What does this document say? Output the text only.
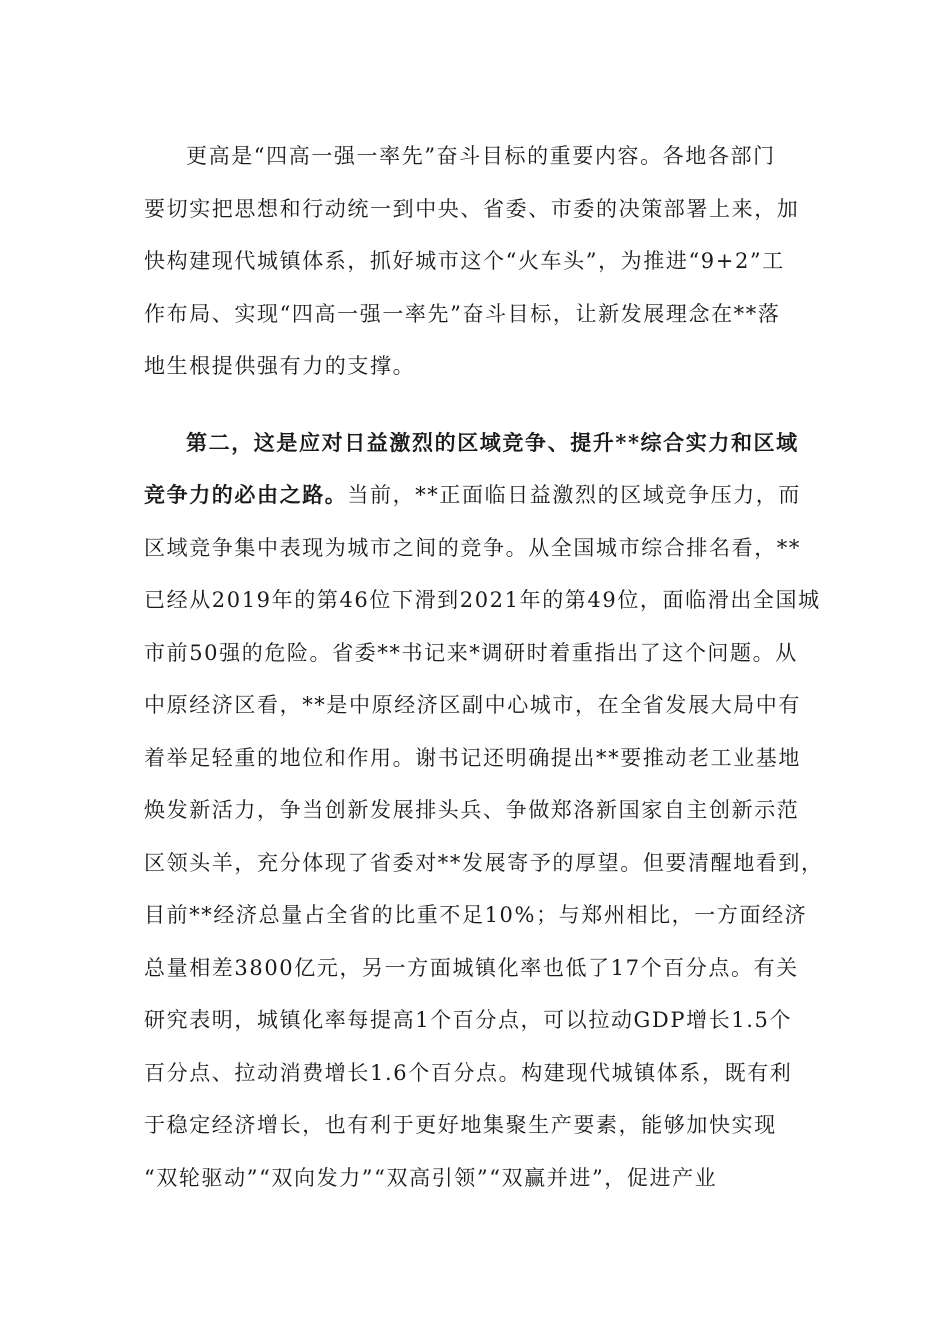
更高是“四高一强一率先”奋斗目标的重要内容。各地各部门
要切实把思想和行动统一到中央、省委、市委的决策部署上来，加
快构建现代城镇体系，抓好城市这个“火车头”，为推进“9+2”工
作布局、实现“四高一强一率先”奋斗目标，让新发展理念在**落
地生根提供强有力的支撑。
第二，这是应对日益激烈的区域竞争、提升**综合实力和区域
竞争力的必由之路。当前，**正面临日益激烈的区域竞争压力，而
区域竞争集中表现为城市之间的竞争。从全国城市综合排名看，**
已经从2019年的第46位下滑到2021年的第49位，面临滑出全国城
市前50强的危险。省委**书记来*调研时着重指出了这个问题。从
中原经济区看，**是中原经济区副中心城市，在全省发展大局中有
着举足轻重的地位和作用。谢书记还明确提出**要推动老工业基地
焕发新活力，争当创新发展排头兵、争做郑洛新国家自主创新示范
区领头羊，充分体现了省委对**发展寄予的厚望。但要清醒地看到，
目前**经济总量占全省的比重不足10%；与郑州相比，一方面经济
总量相差3800亿元，另一方面城镇化率也低了17个百分点。有关
研究表明，城镇化率每提高1个百分点，可以拉动GDP增长1.5个
百分点、拉动消费增长1.6个百分点。构建现代城镇体系，既有利
于稳定经济增长，也有利于更好地集聚生产要素，能够加快实现
“双轮驱动”“双向发力”“双高引领”“双赢并进”，促进产业
